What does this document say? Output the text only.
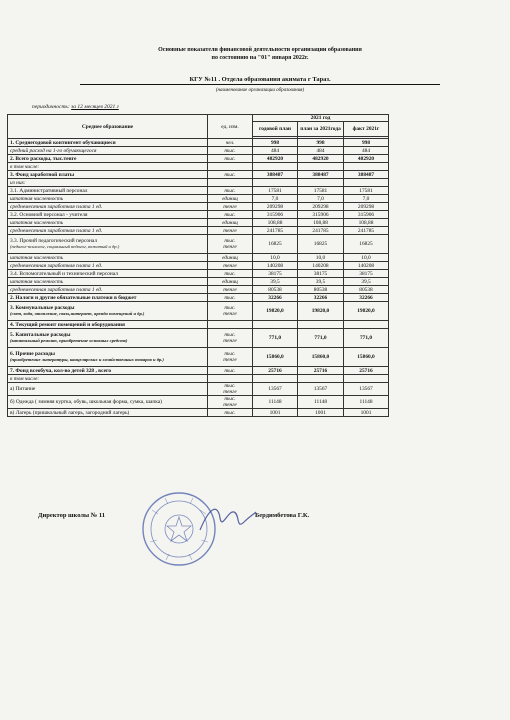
Основные показатели финансовой деятельности организации образования
по состоянию на "01" января 2022г.
КГУ №11 . Отдела образования акимата г Тараз.
(наименование организации образования)
периодичность: за 12 месяцев 2021 г
Среднее образование	ед. изм.	2021 год		
		годовой план	план за 2021года	факт 2021г

1. Среднегодовой контингент обучающиеся	чел.	998	998	998
средний расход на 1-го обучающегося	тыс.	484	484	484
2. Всего расходы, тыс.тенге	тыс.	482920	482920	482920
в том числе:	

3. Фонд заработной платы	тыс.	388487	388487	388487
из них:	

3.1. Административный персонал	тыс.	17581	17581	17581
штатная численность	единиц	7,0	7,0	7,0
среднемесячная заработная плата 1 ед.	тенге	209298	209298	209298
3.2. Основной персонал - учителя	тыс.	315906	315906	315906
штатная численность	единиц	108,88	108,88	108,88
среднемесячная заработная плата 1 ед.	тенге	241785	241785	241785
3.3. Прочий педагогический персонал
(педагог-психолог, социальный педагог, вожатый и др.)	тыс.
тенге	16825	16825	16825
штатная численность	единиц	10,0	10,0	10,0
среднемесячная заработная плата 1 ед.	тенге	140208	140208	140208
3.4. Вспомогательный и технический персонал	тыс.	38175	38175	38175
штатная численность	единиц	39,5	39,5	39,5
среднемесячная заработная плата 1 ед.	тенге	80538	80538	80538
2. Налоги и другие обязательные платежи в бюджет	тыс.	32266	32266	32266
3. Коммунальные расходы
(свет, вода, отопление, связь,интернет, аренда помещений и др.)	тыс.
тенге	19820,0	19820,0	19820,0
4. Текущий ремонт помещений и оборудования	

5. Капитальные расходы
(капитальный ремонт, приобретение основных средств)	тыс.
тенге	771,0	771,0	771,0
6. Прочие расходы
(приобретение литературы, канцелярских и хозяйственных товаров и др.)	тыс.
тенге	15860,0	15860,0	15860,0
7. Фонд всеобуча, кол-во детей 328 , всего	тыс.	25716	25716	25716
в том числе:	

а) Питание	тыс.
тенге	13567	13567	13567
б) Одежда ( зимняя куртка, обувь, школьная форма, сумка, шапка)	тыс.
тенге	11148	11148	11148
в) Лагерь (пришкольный лагерь, загородний лагерь)	тыс.	1001	1001	1001
Директор школы № 11	Бердимбетова Г.К.
